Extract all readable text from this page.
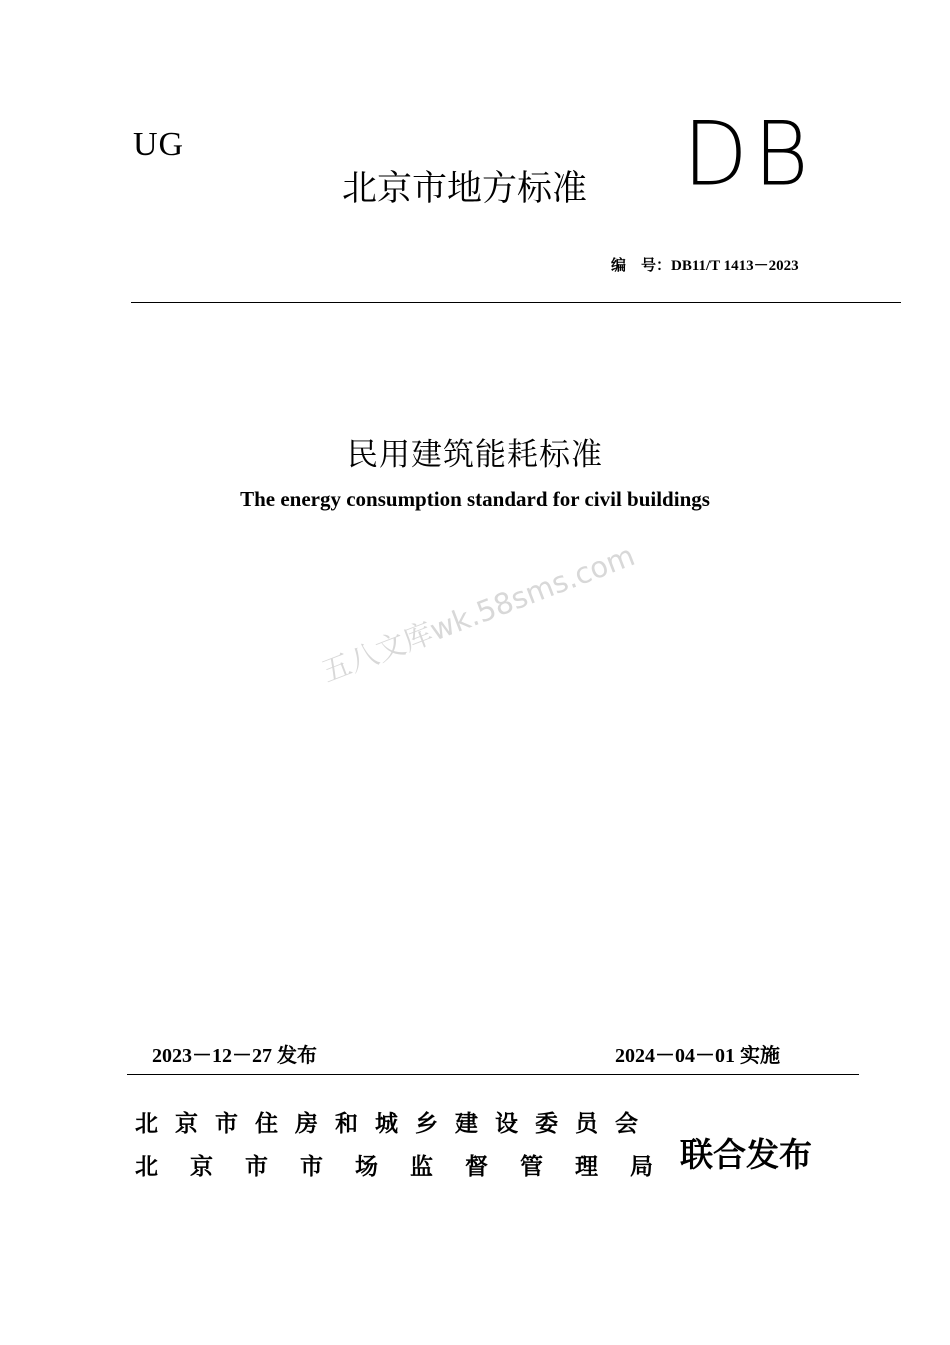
UG	DB
北京市地方标准
编　号：DB11/T 1413－2023
民用建筑能耗标准
The energy consumption standard for civil buildings
五八文库wk.58sms.com
2023－12－27 发布	2024－04－01 实施
北京市住房和城乡建设委员会
北京市市场监督管理局
联合发布
